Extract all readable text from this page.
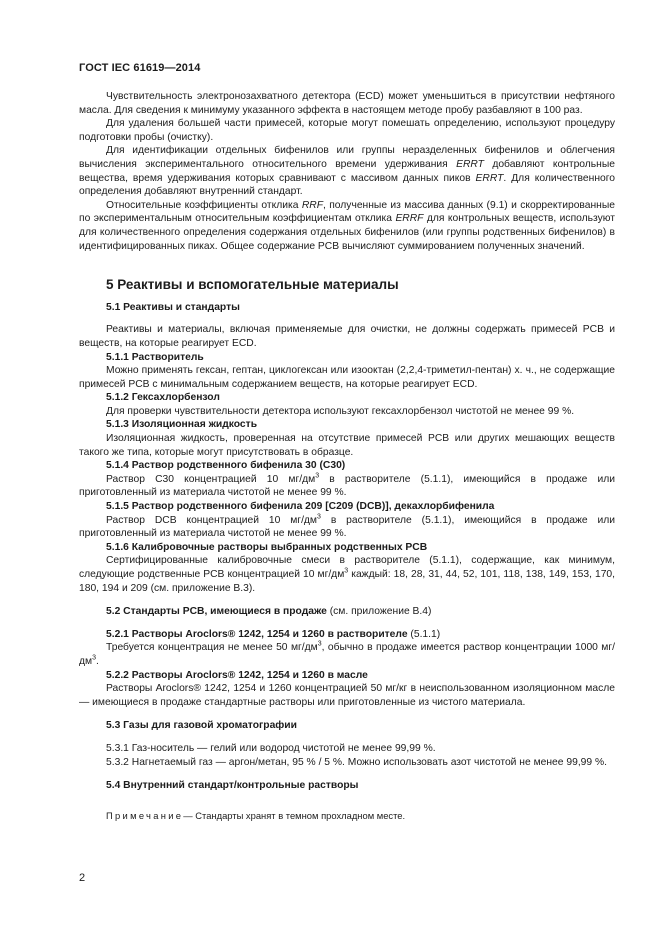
ГОСТ IEC 61619—2014

Чувствительность электронозахватного детектора (ECD) может уменьшиться в присутствии нефтяного масла. Для сведения к минимуму указанного эффекта в настоящем методе пробу разбавляют в 100 раз.

Для удаления большей части примесей, которые могут помешать определению, используют процедуру подготовки пробы (очистку).

Для идентификации отдельных бифенилов или группы неразделенных бифенилов и облегчения вычисления экспериментального относительного времени удерживания ERRT добавляют контрольные вещества, время удерживания которых сравнивают с массивом данных пиков ERRT. Для количественного определения добавляют внутренний стандарт.

Относительные коэффициенты отклика RRF, полученные из массива данных (9.1) и скорректированные по экспериментальным относительным коэффициентам отклика ERRF для контрольных веществ, используют для количественного определения содержания отдельных бифенилов (или группы родственных бифенилов) в идентифицированных пиках. Общее содержание PCB вычисляют суммированием полученных значений.

5 Реактивы и вспомогательные материалы

5.1 Реактивы и стандарты

Реактивы и материалы, включая применяемые для очистки, не должны содержать примесей PCB и веществ, на которые реагирует ECD.

5.1.1 Растворитель

Можно применять гексан, гептан, циклогексан или изооктан (2,2,4-триметил-пентан) х. ч., не содержащие примесей PCB с минимальным содержанием веществ, на которые реагирует ECD.

5.1.2 Гексахлорбензол

Для проверки чувствительности детектора используют гексахлорбензол чистотой не менее 99 %.

5.1.3 Изоляционная жидкость

Изоляционная жидкость, проверенная на отсутствие примесей PCB или других мешающих веществ такого же типа, которые могут присутствовать в образце.

5.1.4 Раствор родственного бифенила 30 (C30)

Раствор С30 концентрацией 10 $мг/дм^3$ в растворителе (5.1.1), имеющийся в продаже или приготовленный из материала чистотой не менее 99 %.

5.1.5 Раствор родственного бифенила 209 [C209 (DCB)], декахлорбифенила

Раствор DCB концентрацией 10 $мг/дм^3$ в растворителе (5.1.1), имеющийся в продаже или приготовленный из материала чистотой не менее 99 %.

5.1.6 Калибровочные растворы выбранных родственных PCB

Сертифицированные калибровочные смеси в растворителе (5.1.1), содержащие, как минимум, следующие родственные PCB концентрацией 10 $мг/дм^3$ каждый: 18, 28, 31, 44, 52, 101, 118, 138, 149, 153, 170, 180, 194 и 209 (см. приложение В.3).

5.2 Стандарты PCB, имеющиеся в продаже (см. приложение В.4)

5.2.1 Растворы Aroclors® 1242, 1254 и 1260 в растворителе (5.1.1)

Требуется концентрация не менее 50 $мг/дм^3$, обычно в продаже имеется раствор концентрации 1000 $мг/дм^3$.

5.2.2 Растворы Aroclors® 1242, 1254 и 1260 в масле

Растворы Aroclors® 1242, 1254 и 1260 концентрацией 50 мг/кг в неиспользованном изоляционном масле — имеющиеся в продаже стандартные растворы или приготовленные из чистого материала.

5.3 Газы для газовой хроматографии

5.3.1 Газ-носитель — гелий или водород чистотой не менее 99,99 %.

5.3.2 Нагнетаемый газ — аргон/метан, 95 % / 5 %. Можно использовать азот чистотой не менее 99,99 %.

5.4 Внутренний стандарт/контрольные растворы

Примечание— Стандарты хранят в темном прохладном месте.
2
